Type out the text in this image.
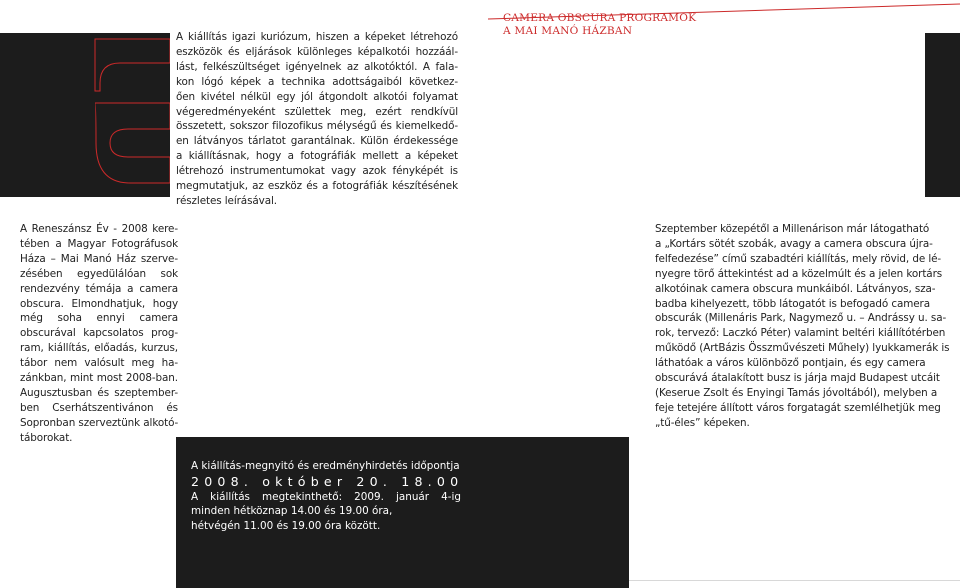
A kiállítás igazi kuriózum, hiszen a képeket létrehozó
eszközök és eljárások különleges képalkotói hozzáál-
lást, felkészültséget igényelnek az alkotóktól. A fala-
kon lógó képek a technika adottságaiból következ-
ően kivétel nélkül egy jól átgondolt alkotói folyamat
végeredményeként születtek meg, ezért rendkívül
összetett, sokszor filozofikus mélységű és kiemelkedő-
en látványos tárlatot garantálnak. Külön érdekessége
a kiállításnak, hogy a fotográfiák mellett a képeket
létrehozó instrumentumokat vagy azok fényképét is
megmutatjuk, az eszköz és a fotográfiák készítésének
részletes leírásával.
CAMERA OBSCURA PROGRAMOK
A MAI MANÓ HÁZBAN
A Reneszánsz Év - 2008 kere-
tében a Magyar Fotográfusok
Háza – Mai Manó Ház szerve-
zésében egyedülálóan sok
rendezvény témája a camera
obscura. Elmondhatjuk, hogy
még soha ennyi camera
obscurával kapcsolatos prog-
ram, kiállítás, előadás, kurzus,
tábor nem valósult meg ha-
zánkban, mint most 2008-ban.
Augusztusban és szeptember-
ben Cserhátszentivánon és
Sopronban szerveztünk alkotó-
táborokat.
Szeptember közepétől a Millenárison már látogatható
a „Kortárs sötét szobák, avagy a camera obscura újra-
felfedezése” című szabadtéri kiállítás, mely rövid, de lé-
nyegre törő áttekintést ad a közelmúlt és a jelen kortárs
alkotóinak camera obscura munkáiból. Látványos, sza-
badba kihelyezett, több látogatót is befogadó camera
obscurák (Millenáris Park, Nagymező u. – Andrássy u. sa-
rok, tervező: Laczkó Péter) valamint beltéri kiállítótérben
működő (ArtBázis Összművészeti Műhely) lyukkamerák is
láthatóak a város különböző pontjain, és egy camera
obscurává átalakított busz is járja majd Budapest utcáit
(Keserue Zsolt és Enyingi Tamás jóvoltából), melyben a
feje tetejére állított város forgatagát szemlélhetjük meg
„tű-éles” képeken.
A kiállítás-megnyitó és eredményhirdetés időpontja
2008. október 20. 18.00
A kiállítás megtekinthető: 2009. január 4-ig
minden hétköznap 14.00 és 19.00 óra,
hétvégén 11.00 és 19.00 óra között.
